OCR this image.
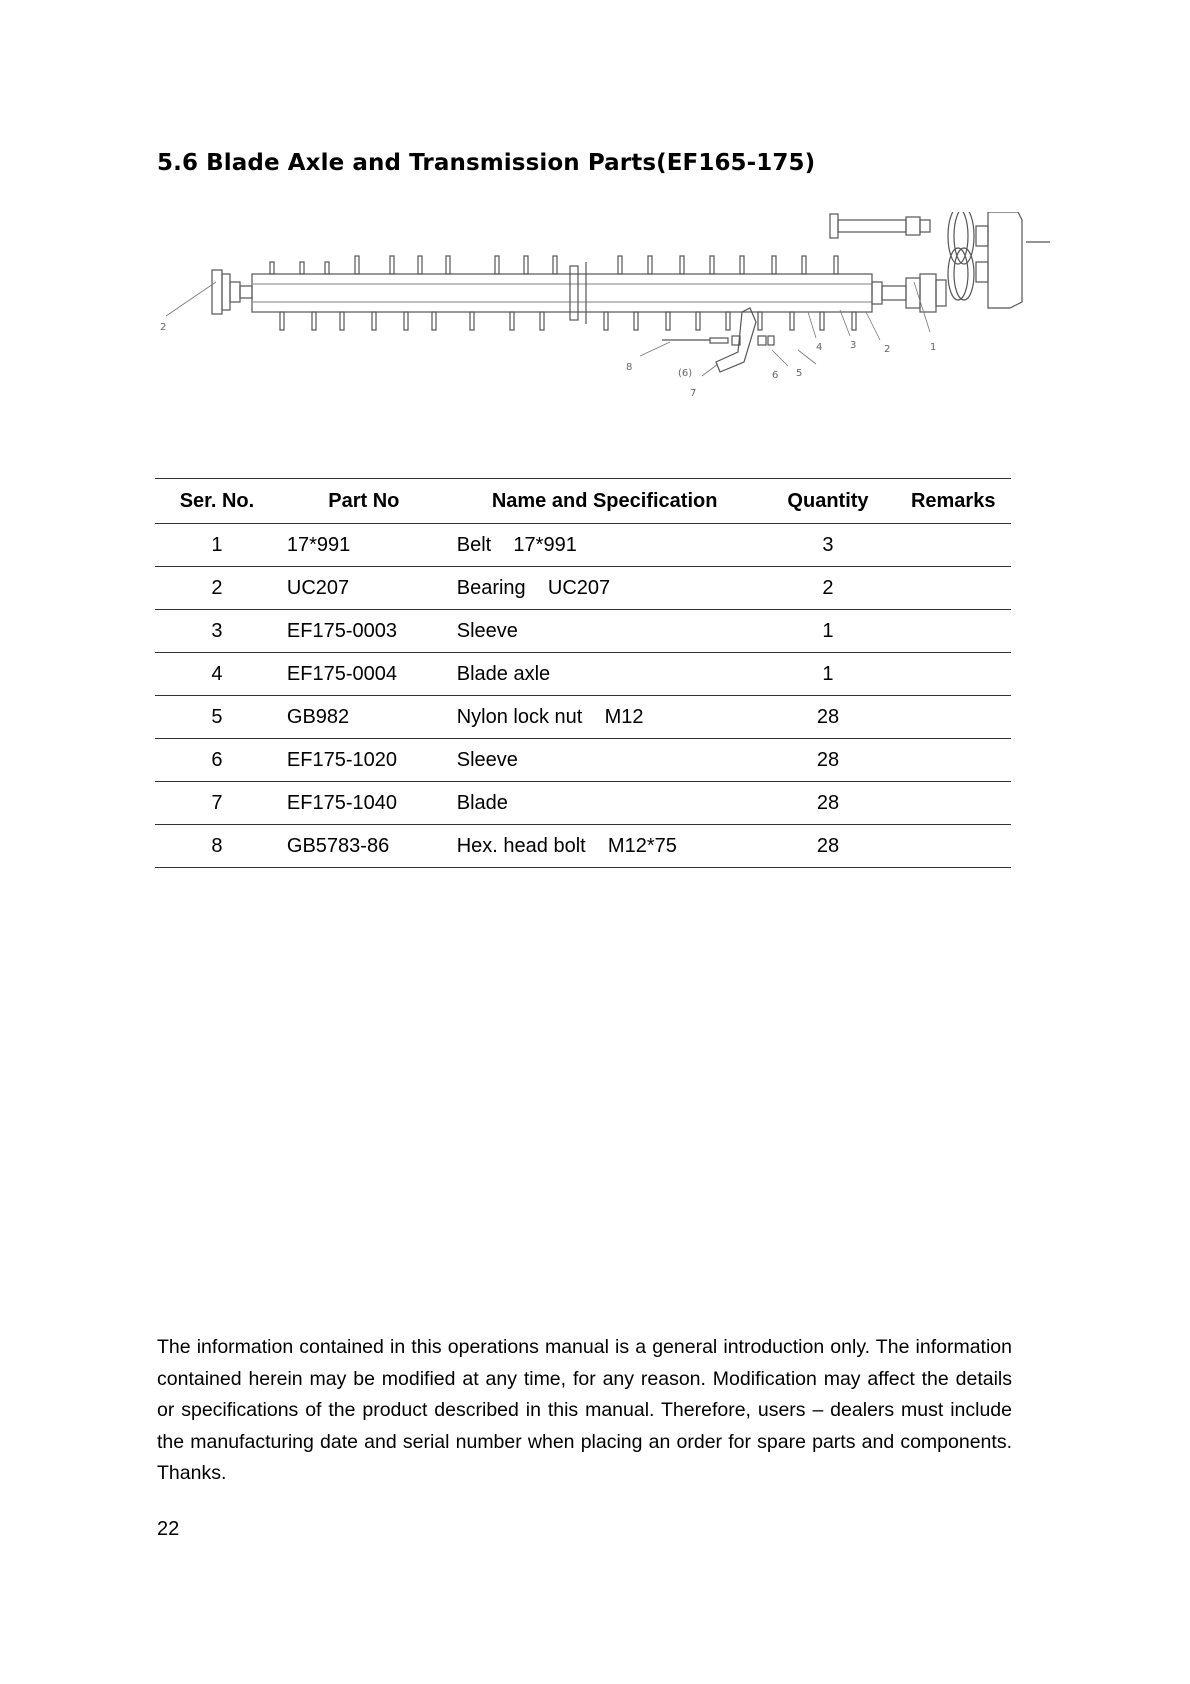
5.6 Blade Axle and Transmission Parts(EF165-175)
2
4	3	2	1
8
(6)
7
6 5
Ser. No.	Part No	Name and Specification	Quantity	Remarks
1	17*991	Belt    17*991	3	
2	UC207	Bearing    UC207	2	
3	EF175-0003	Sleeve	1	
4	EF175-0004	Blade axle	1	
5	GB982	Nylon lock nut    M12	28	
6	EF175-1020	Sleeve	28	
7	EF175-1040	Blade	28	
8	GB5783-86	Hex. head bolt    M12*75	28	

The information contained in this operations manual is a general introduction only. The information contained herein may be modified at any time, for any reason. Modification may affect the details or specifications of the product described in this manual. Therefore, users – dealers must include the manufacturing date and serial number when placing an order for spare parts and components. Thanks.

22
